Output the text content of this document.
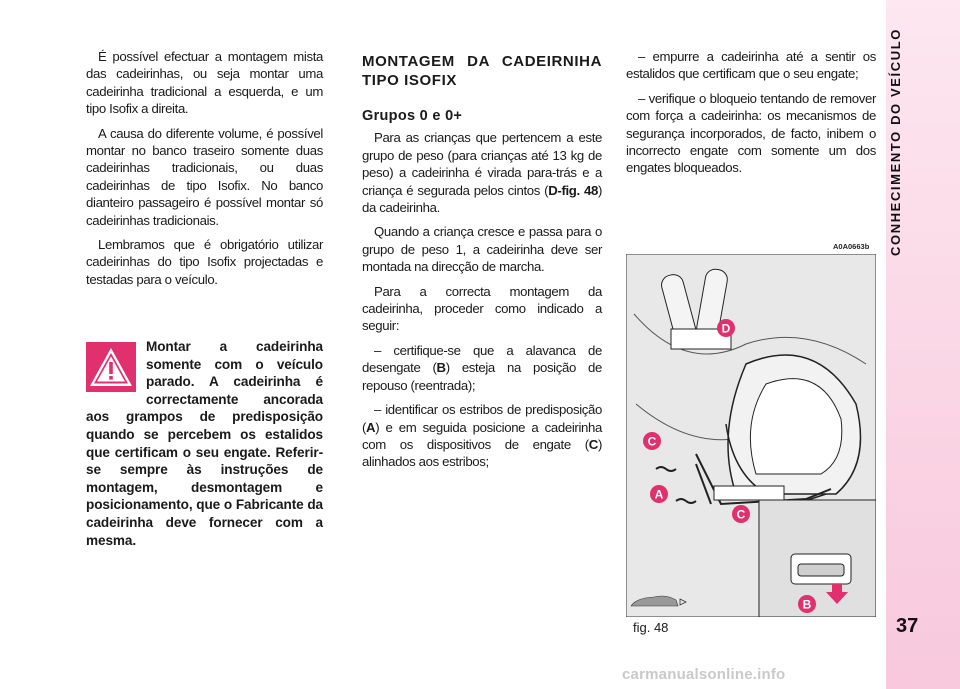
CONHECIMENTO DO VEÍCULO
37

É possível efectuar a montagem mista das cadeirinhas, ou seja montar uma cadeirinha tradicional a esquerda, e um tipo Isofix a direita.

A causa do diferente volume, é possível montar no banco traseiro somente duas cadeirinhas tradicionais, ou duas cadeirinhas de tipo Isofix. No banco dianteiro passageiro é possível montar só cadeirinhas tradicionais.

Lembramos que é obrigatório utilizar cadeirinhas do tipo Isofix projectadas e testadas para o veículo.

Montar a cadeirinha somente com o veículo parado. A cadeirinha é correctamente ancorada aos grampos de predisposição quando se percebem os estalidos que certificam o seu engate. Referir-se sempre às instruções de montagem, desmontagem e posicionamento, que o Fabricante da cadeirinha deve fornecer com a mesma.
MONTAGEM DA CADEIRNIHA TIPO ISOFIX
Grupos 0 e 0+

Para as crianças que pertencem a este grupo de peso (para crianças até 13 kg de peso) a cadeirinha é virada para-trás e a criança é segurada pelos cintos (D-fig. 48) da cadeirinha.

Quando a criança cresce e passa para o grupo de peso 1, a cadeirinha deve ser montada na direcção de marcha.

Para a correcta montagem da cadeirinha, proceder como indicado a seguir:

– certifique-se que a alavanca de desengate (B) esteja na posição de repouso (reentrada);

– identificar os estribos de predisposição (A) e em seguida posicione a cadeirinha com os dispositivos de engate (C) alinhados aos estribos;

– empurre a cadeirinha até a sentir os estalidos que certificam que o seu engate;

– verifique o bloqueio tentando de remover com força a cadeirinha: os mecanismos de segurança incorporados, de facto, inibem o incorrecto engate com somente um dos engates bloqueados.

A0A0663b
D
C
A
C
B
fig. 48
carmanualsonline.info
